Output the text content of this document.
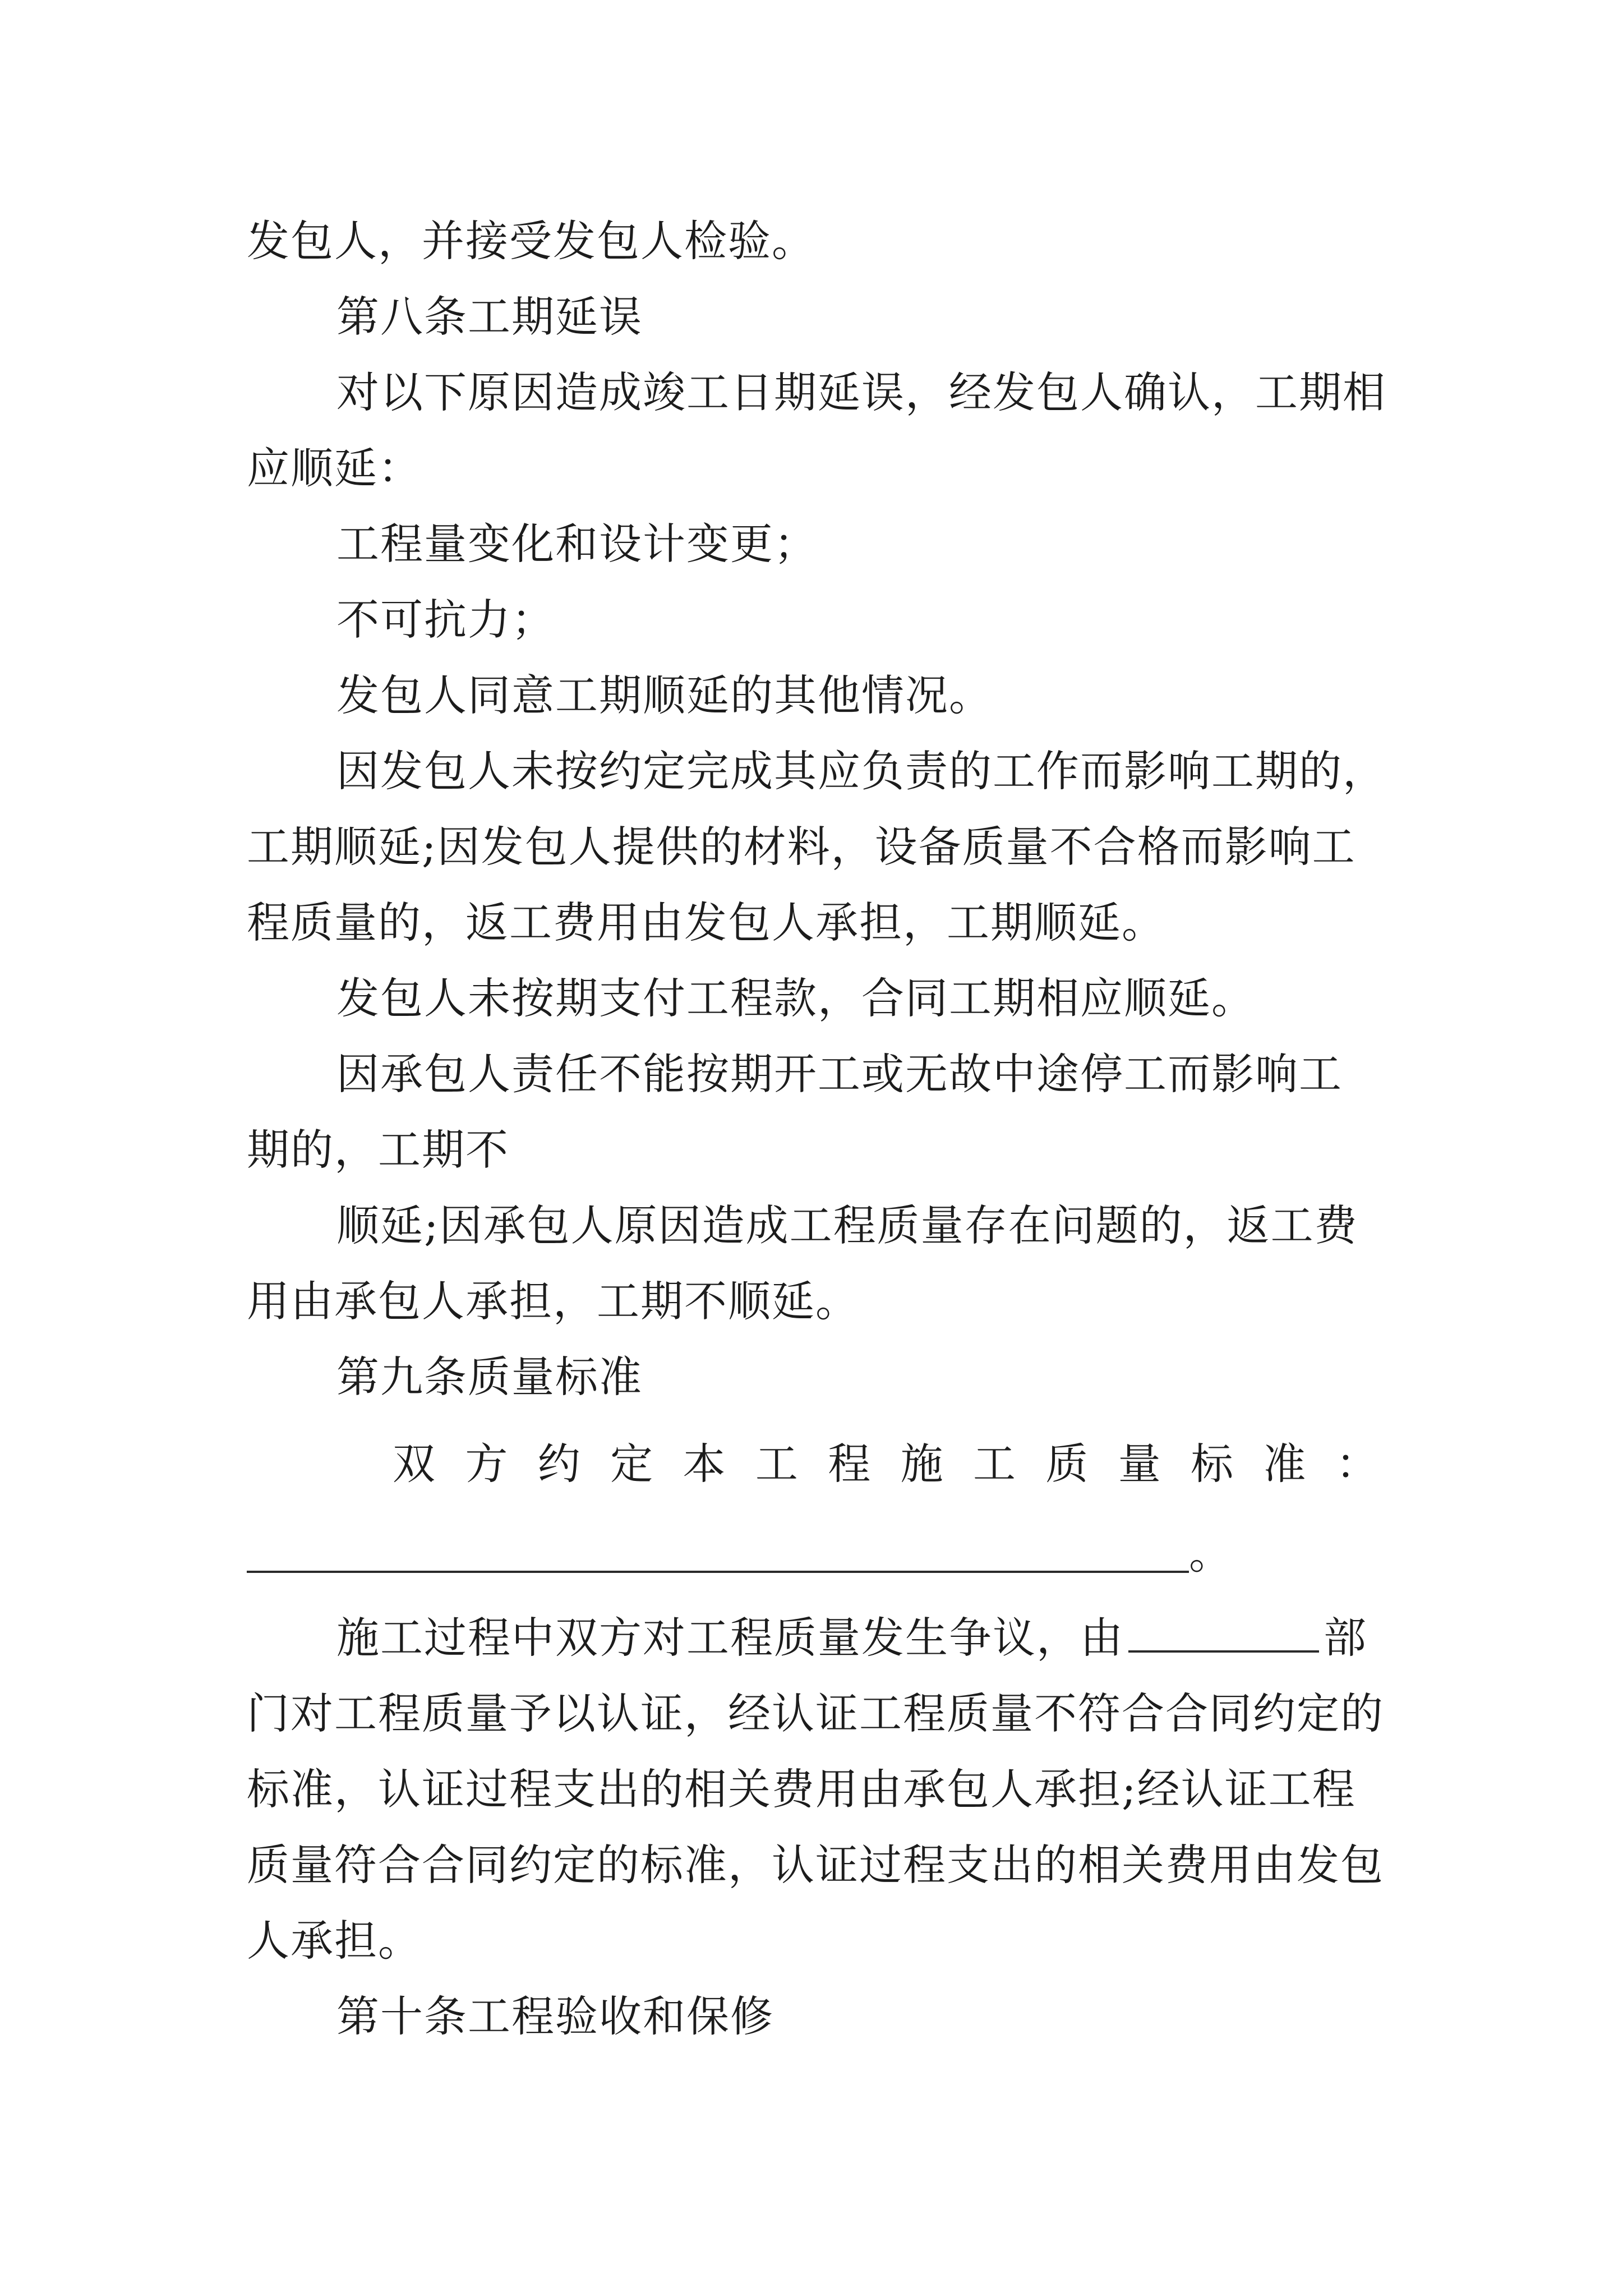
发包人，并接受发包人检验。
第八条工期延误
对以下原因造成竣工日期延误，经发包人确认，工期相
应顺延：
工程量变化和设计变更；
不可抗力；
发包人同意工期顺延的其他情况。
因发包人未按约定完成其应负责的工作而影响工期的，
工期顺延;因发包人提供的材料，设备质量不合格而影响工
程质量的，返工费用由发包人承担，工期顺延。
发包人未按期支付工程款，合同工期相应顺延。
因承包人责任不能按期开工或无故中途停工而影响工
期的，工期不
顺延;因承包人原因造成工程质量存在问题的，返工费
用由承包人承担，工期不顺延。
第九条质量标准
双 方 约 定 本 工 程 施 工 质 量 标 准 ：
。
施工过程中双方对工程质量发生争议，由	部
门对工程质量予以认证，经认证工程质量不符合合同约定的
标准，认证过程支出的相关费用由承包人承担;经认证工程
质量符合合同约定的标准，认证过程支出的相关费用由发包
人承担。
第十条工程验收和保修
